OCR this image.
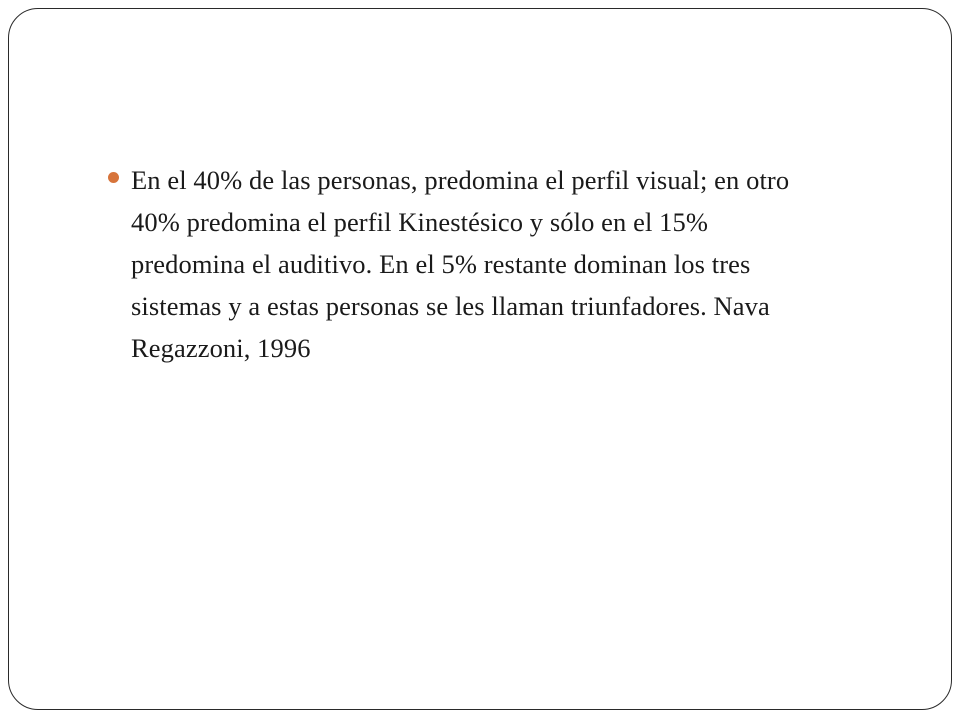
En el 40% de las personas, predomina el perfil visual; en otro
40% predomina el perfil Kinestésico y sólo en el 15%
predomina el auditivo. En el 5% restante dominan los tres
sistemas y a estas personas se les llaman triunfadores. Nava
Regazzoni, 1996
